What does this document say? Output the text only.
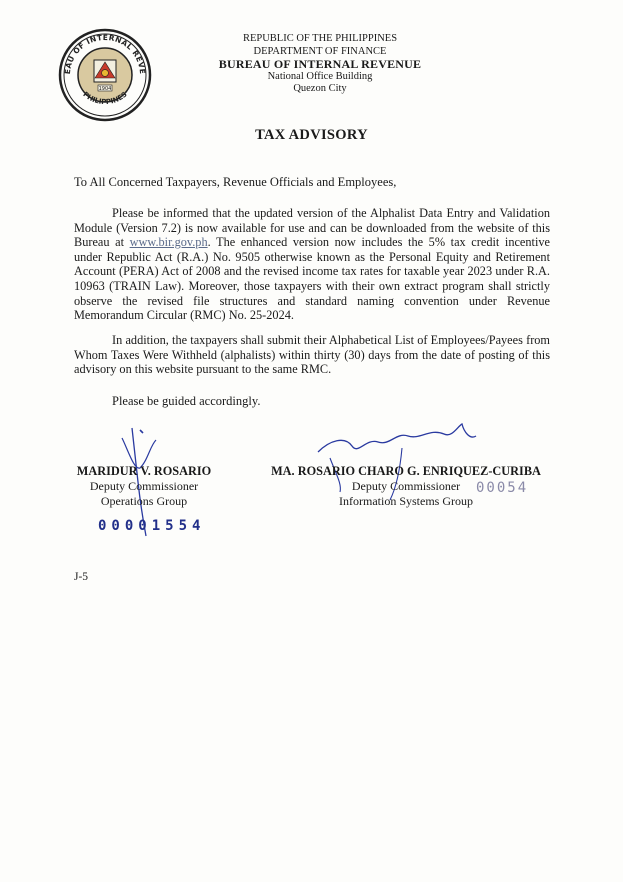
EAU OF INTERNAL REVE
PHILIPPINES
1904
REPUBLIC OF THE PHILIPPINES
DEPARTMENT OF FINANCE
BUREAU OF INTERNAL REVENUE
National Office Building
Quezon City
TAX ADVISORY
To All Concerned Taxpayers, Revenue Officials and Employees,
Please be informed that the updated version of the Alphalist Data Entry and Validation Module (Version 7.2) is now available for use and can be downloaded from the website of this Bureau at www.bir.gov.ph. The enhanced version now includes the 5% tax credit incentive under Republic Act (R.A.) No. 9505 otherwise known as the Personal Equity and Retirement Account (PERA) Act of 2008 and the revised income tax rates for taxable year 2023 under R.A. 10963 (TRAIN Law). Moreover, those taxpayers with their own extract program shall strictly observe the revised file structures and standard naming convention under Revenue Memorandum Circular (RMC) No. 25-2024.
In addition, the taxpayers shall submit their Alphabetical List of Employees/Payees from Whom Taxes Were Withheld (alphalists) within thirty (30) days from the date of posting of this advisory on this website pursuant to the same RMC.
Please be guided accordingly.
MARIDUR V. ROSARIO
Deputy Commissioner
Operations Group
00001554
MA. ROSARIO CHARO G. ENRIQUEZ-CURIBA
Deputy Commissioner
Information Systems Group
00054
J-5
